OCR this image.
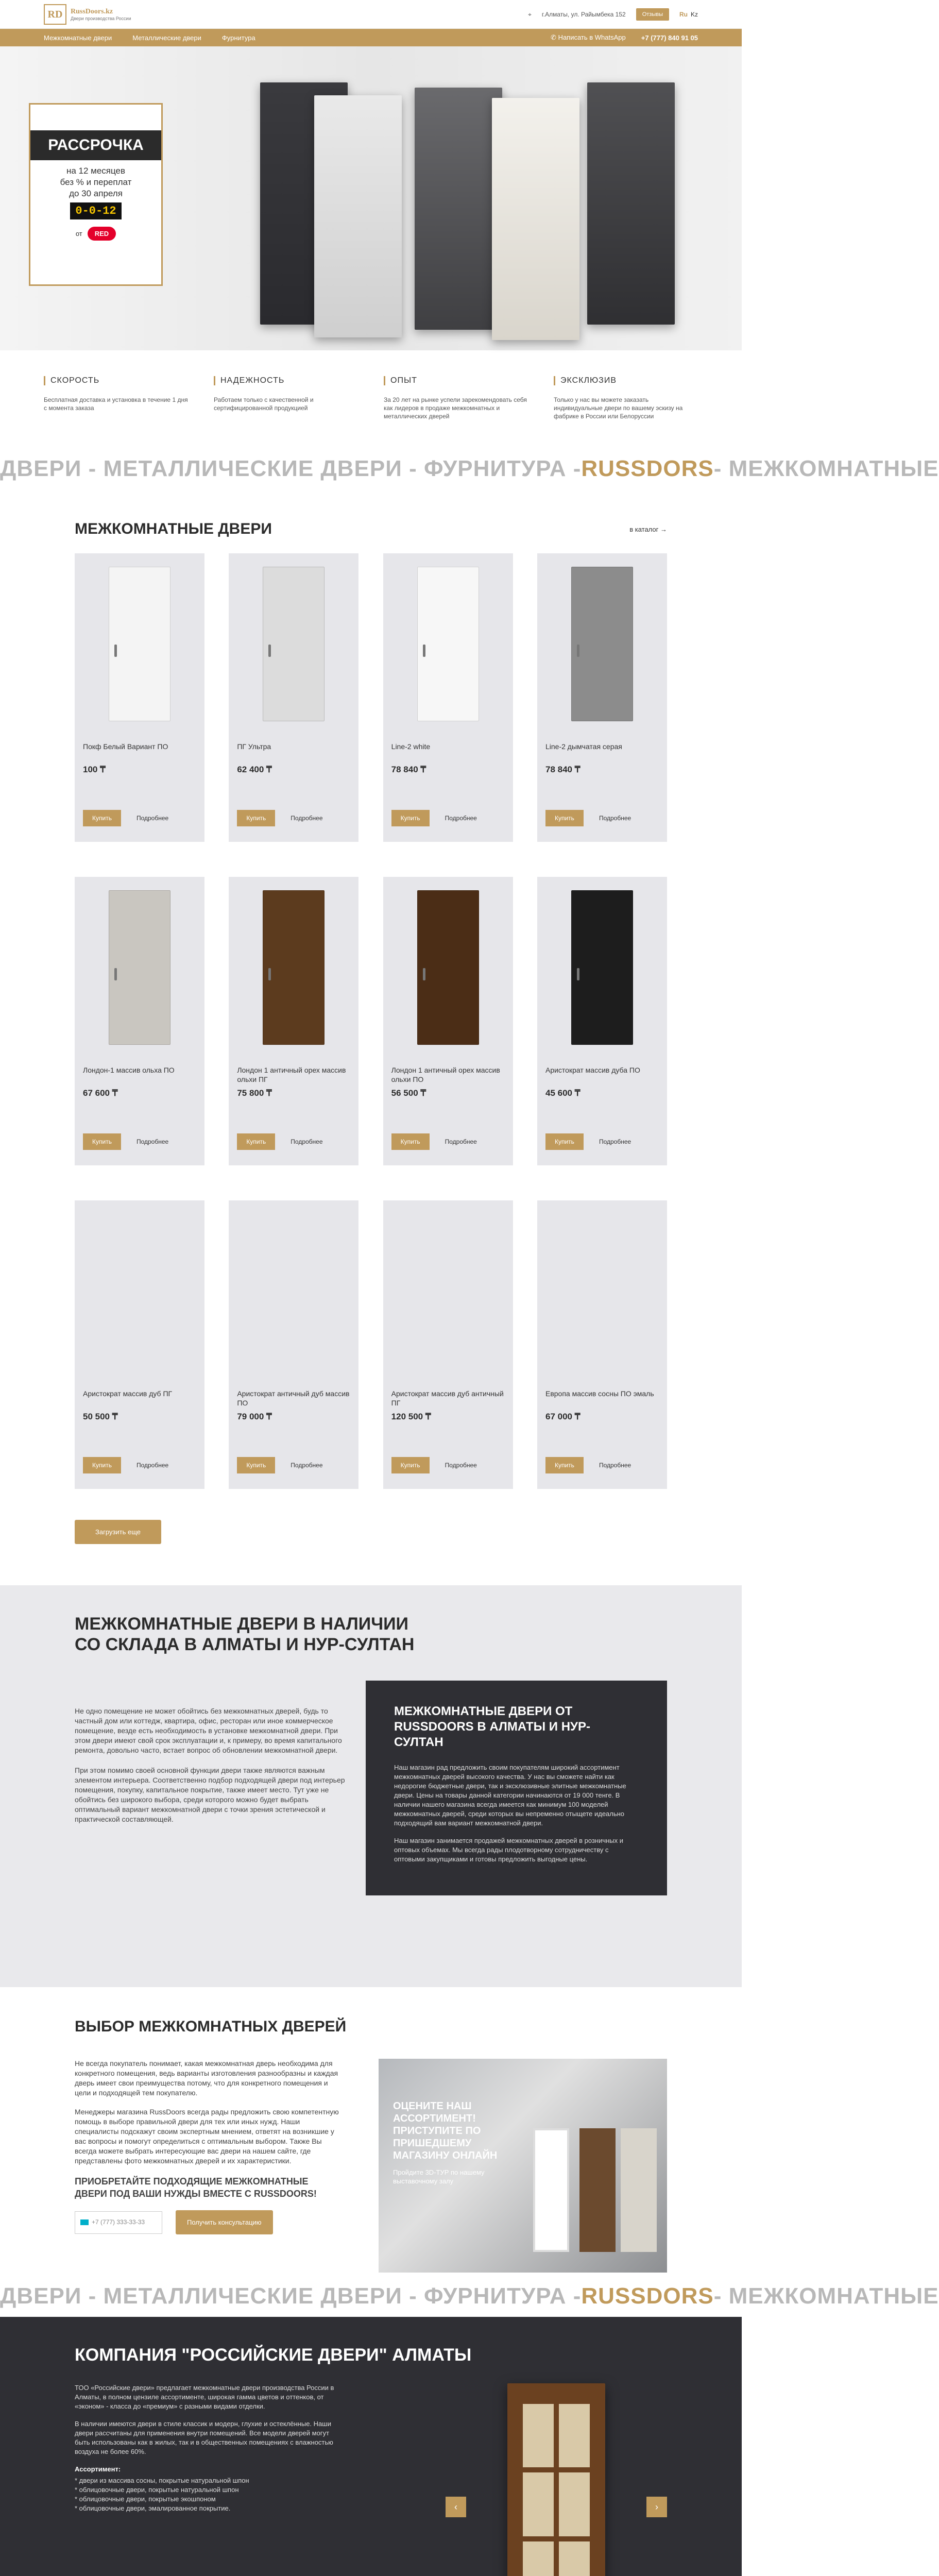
RD	RussDoors.kz
Двери производства России
⌖ г.Алматы, ул. Райымбека 152	Отзывы	Ru Kz
Межкомнатные двери	Металлические двери	Фурнитура	✆ Написать в WhatsApp +7 (777) 840 91 05
РАССРОЧКА
на 12 месяцев
без % и переплат
до 30 апреля
0-0-12
от	RED
СКОРОСТЬ
Бесплатная доставка и установка в течение 1 дня с момента заказа
НАДЕЖНОСТЬ
Работаем только с качественной и сертифицированной продукцией
ОПЫТ
За 20 лет на рынке успели зарекомендовать себя как лидеров в продаже межкомнатных и металлических дверей
ЭКСКЛЮЗИВ
Только у нас вы можете заказать индивидуальные двери по вашему эскизу на фабрике в России или Белоруссии
ДВЕРИ - МЕТАЛЛИЧЕСКИЕ ДВЕРИ - ФУРНИТУРА - RUSSDORS - МЕЖКОМНАТНЫЕ
МЕЖКОМНАТНЫЕ ДВЕРИ	в каталог →
Покф Белый Вариант ПО
100 ₸
Купить	Подробнее
ПГ Ультра
62 400 ₸
Купить	Подробнее
Line-2 white
78 840 ₸
Купить	Подробнее
Line-2 дымчатая серая
78 840 ₸
Купить	Подробнее
Лондон-1 массив ольха ПО
67 600 ₸
Купить	Подробнее
Лондон 1 античный орех массив ольхи ПГ
75 800 ₸
Купить	Подробнее
Лондон 1 античный орех массив ольхи ПО
56 500 ₸
Купить	Подробнее
Аристократ массив дуба ПО
45 600 ₸
Купить	Подробнее
Аристократ массив дуб ПГ
50 500 ₸
Купить	Подробнее
Аристократ античный дуб массив ПО
79 000 ₸
Купить	Подробнее
Аристократ массив дуб античный ПГ
120 500 ₸
Купить	Подробнее
Европа массив сосны ПО эмаль
67 000 ₸
Купить	Подробнее
Загрузить еще
МЕЖКОМНАТНЫЕ ДВЕРИ В НАЛИЧИИ
СО СКЛАДА В АЛМАТЫ И НУР-СУЛТАН

Не одно помещение не может обойтись без межкомнатных дверей, будь то частный дом или коттедж, квартира, офис, ресторан или иное коммерческое помещение, везде есть необходимость в установке межкомнатной двери. При этом двери имеют свой срок эксплуатации и, к примеру, во время капитального ремонта, довольно часто, встает вопрос об обновлении межкомнатной двери.

При этом помимо своей основной функции двери также являются важным элементом интерьера. Соответственно подбор подходящей двери под интерьер помещения, покупку, капитальное покрытие, также имеет место. Тут уже не обойтись без широкого выбора, среди которого можно будет выбрать оптимальный вариант межкомнатной двери с точки зрения эстетической и практической составляющей.

МЕЖКОМНАТНЫЕ ДВЕРИ ОТ RUSSDOORS В АЛМАТЫ И НУР-СУЛТАН

Наш магазин рад предложить своим покупателям широкий ассортимент межкомнатных дверей высокого качества. У нас вы сможете найти как недорогие бюджетные двери, так и эксклюзивные элитные межкомнатные двери. Цены на товары данной категории начинаются от 19 000 тенге. В наличии нашего магазина всегда имеется как минимум 100 моделей межкомнатных дверей, среди которых вы непременно отыщете идеально подходящий вам вариант межкомнатной двери.

Наш магазин занимается продажей межкомнатных дверей в розничных и оптовых объемах. Мы всегда рады плодотворному сотрудничеству с оптовыми закупщиками и готовы предложить выгодные цены.

ВЫБОР МЕЖКОМНАТНЫХ ДВЕРЕЙ

Не всегда покупатель понимает, какая межкомнатная дверь необходима для конкретного помещения, ведь варианты изготовления разнообразны и каждая дверь имеет свои преимущества потому, что для конкретного помещения и цели и подходящей тем покупателю.

Менеджеры магазина RussDoors всегда рады предложить свою компетентную помощь в выборе правильной двери для тех или иных нужд. Наши специалисты подскажут своим экспертным мнением, ответят на возникшие у вас вопросы и помогут определиться с оптимальным выбором. Также Вы всегда можете выбрать интересующие вас двери на нашем сайте, где представлены фото межкомнатных дверей и их характеристики.

ПРИОБРЕТАЙТЕ ПОДХОДЯЩИЕ МЕЖКОМНАТНЫЕ ДВЕРИ ПОД ВАШИ НУЖДЫ ВМЕСТЕ С RUSSDOORS!
+7 (777) 333-33-33	Получить консультацию
ОЦЕНИТЕ НАШ АССОРТИМЕНТ! ПРИСТУПИТЕ ПО ПРИШЕДШЕМУ МАГАЗИНУ ОНЛАЙН

Пройдите 3D-ТУР по нашему выставочному залу

ДВЕРИ - МЕТАЛЛИЧЕСКИЕ ДВЕРИ - ФУРНИТУРА - RUSSDORS - МЕЖКОМНАТНЫЕ
КОМПАНИЯ "РОССИЙСКИЕ ДВЕРИ" АЛМАТЫ

ТОО «Российские двери» предлагает межкомнатные двери производства России в Алматы, в полном цензиле ассортименте, широкая гамма цветов и оттенков, от «эконом» - класса до «премиум» с разными видами отделки.

В наличии имеются двери в стиле классик и модерн, глухие и остеклённые. Наши двери рассчитаны для применения внутри помещений. Все модели дверей могут быть использованы как в жилых, так и в общественных помещениях с влажностью воздуха не более 60%.

Ассортимент:

* двери из массива сосны, покрытые натуральной шпон
* облицовочные двери, покрытые натуральной шпон
* облицовочные двери, покрытые экошпоном
* облицовочные двери, эмалированное покрытие.	‹	›
